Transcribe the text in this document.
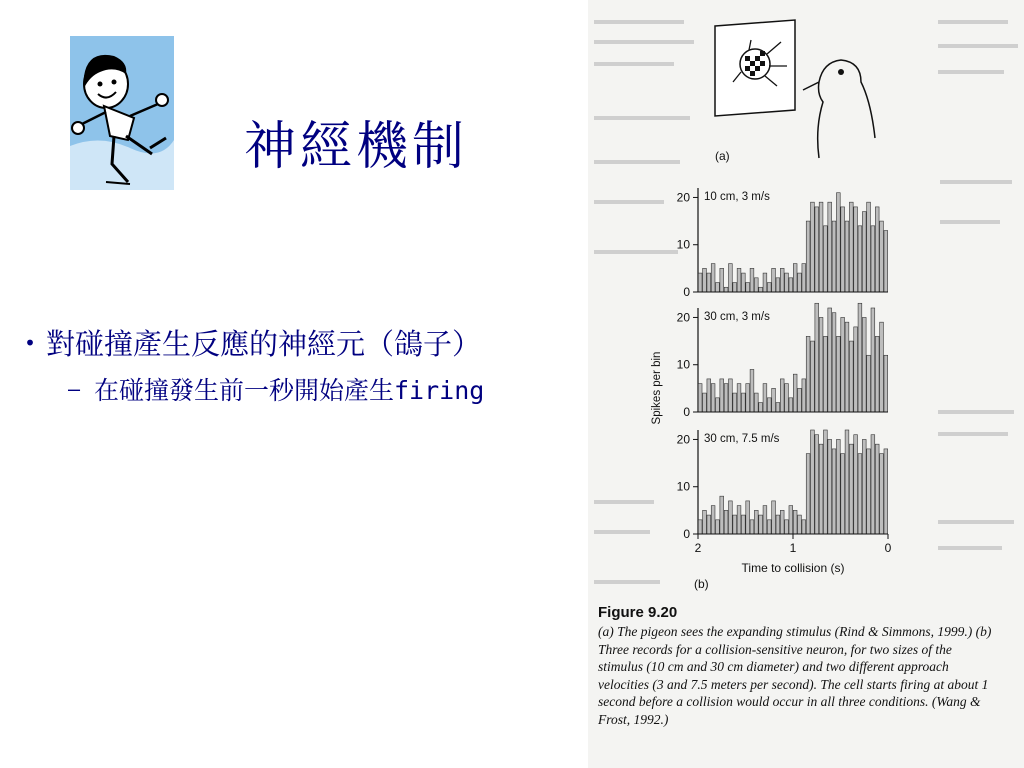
神經機制
• 對碰撞產生反應的神經元（鴿子）
– 在碰撞發生前一秒開始產生firing
(a)
Spikes per bin
0
10
20 10 cm, 3 m/s
0
10
20 30 cm, 3 m/s
0
10
20 30 cm, 7.5 m/s
2	1	0
Time to collision (s)
(b)
Figure 9.20
(a) The pigeon sees the expanding stimulus (Rind & Simmons, 1999.) (b) Three records for a collision-sensitive neuron, for two sizes of the stimulus (10 cm and 30 cm diameter) and two different approach velocities (3 and 7.5 meters per second). The cell starts firing at about 1 second before a collision would occur in all three conditions. (Wang & Frost, 1992.)
